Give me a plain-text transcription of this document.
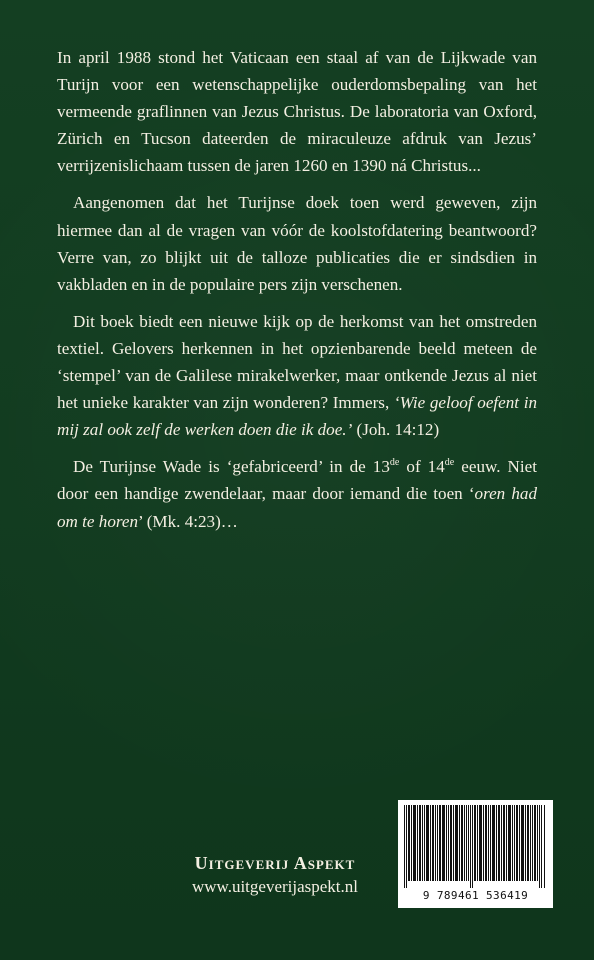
In april 1988 stond het Vaticaan een staal af van de Lijkwade van Turijn voor een wetenschappelijke ouderdomsbepaling van het vermeende graflinnen van Jezus Christus. De laboratoria van Oxford, Zürich en Tucson dateerden de miraculeuze afdruk van Jezus’ verrijzenislichaam tussen de jaren 1260 en 1390 ná Christus...

Aangenomen dat het Turijnse doek toen werd geweven, zijn hiermee dan al de vragen van vóór de koolstofdatering beantwoord? Verre van, zo blijkt uit de talloze publicaties die er sindsdien in vakbladen en in de populaire pers zijn verschenen.

Dit boek biedt een nieuwe kijk op de herkomst van het omstreden textiel. Gelovers herkennen in het opzienbarende beeld meteen de ‘stempel’ van de Galilese mirakelwerker, maar ontkende Jezus al niet het unieke karakter van zijn wonderen? Immers, ‘Wie geloof oefent in mij zal ook zelf de werken doen die ik doe.’ (Joh. 14:12)

De Turijnse Wade is ‘gefabriceerd’ in de 13de of 14de eeuw. Niet door een handige zwendelaar, maar door iemand die toen ‘oren had om te horen’ (Mk. 4:23)…

Uitgeverij Aspekt
www.uitgeverijaspekt.nl	9 789461 536419
